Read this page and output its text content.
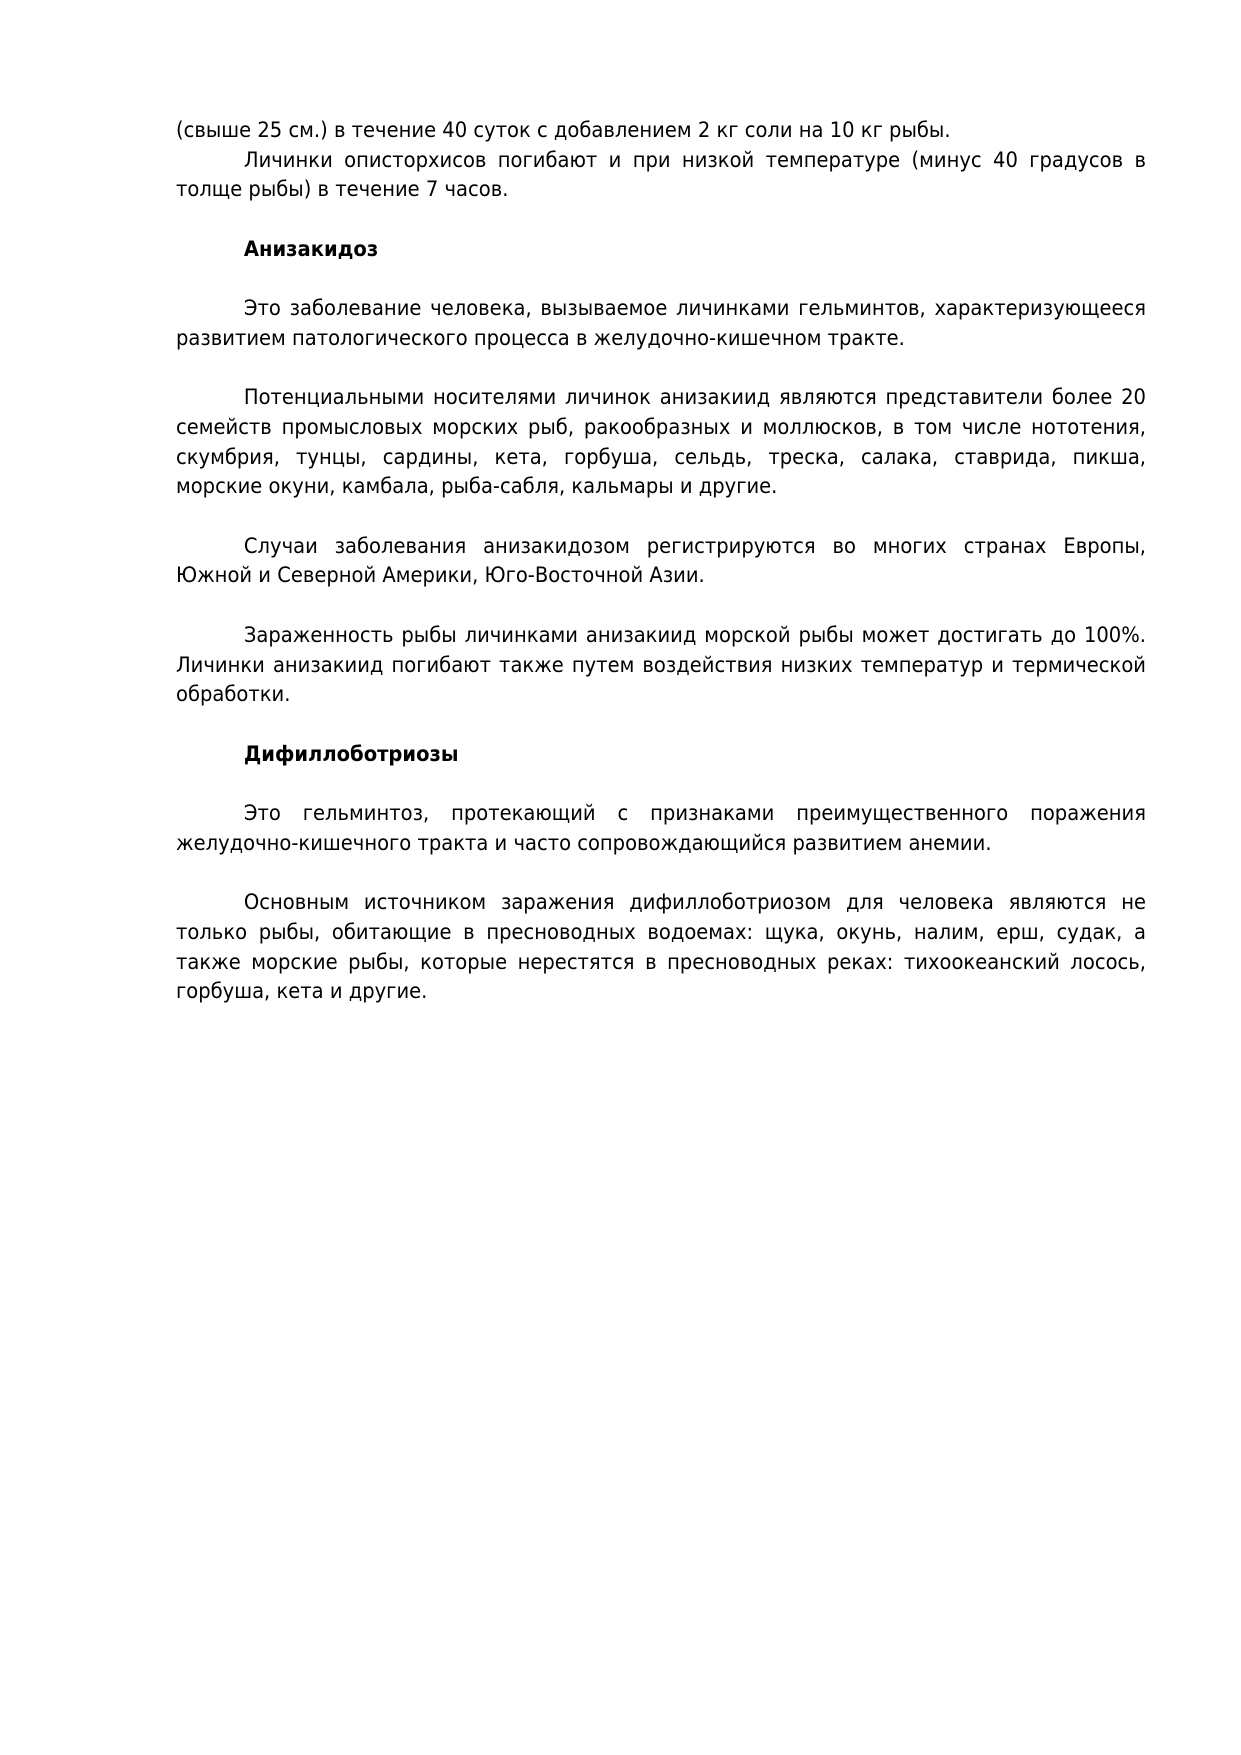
(свыше 25 см.) в течение 40 суток с добавлением 2 кг соли на 10 кг рыбы.

Личинки описторхисов погибают и при низкой температуре (минус 40 градусов в толще рыбы) в течение 7 часов.

Анизакидоз

Это заболевание человека, вызываемое личинками гельминтов, характеризующееся развитием патологического процесса в желудочно-кишечном тракте.

Потенциальными носителями личинок анизакиид являются представители более 20 семейств промысловых морских рыб, ракообразных и моллюсков, в том числе нототения, скумбрия, тунцы, сардины, кета, горбуша, сельдь, треска, салака, ставрида, пикша, морские окуни, камбала, рыба-сабля, кальмары и другие.

Случаи заболевания анизакидозом регистрируются во многих странах Европы, Южной и Северной Америки, Юго-Восточной Азии.

Зараженность рыбы личинками анизакиид морской рыбы может достигать до 100%. Личинки анизакиид погибают также путем воздействия низких температур и термической обработки.

Дифиллоботриозы

Это гельминтоз, протекающий с признаками преимущественного поражения желудочно-кишечного тракта и часто сопровождающийся развитием анемии.

Основным источником заражения дифиллоботриозом для человека являются не только рыбы, обитающие в пресноводных водоемах: щука, окунь, налим, ерш, судак, а также морские рыбы, которые нерестятся в пресноводных реках: тихоокеанский лосось, горбуша, кета и другие.
